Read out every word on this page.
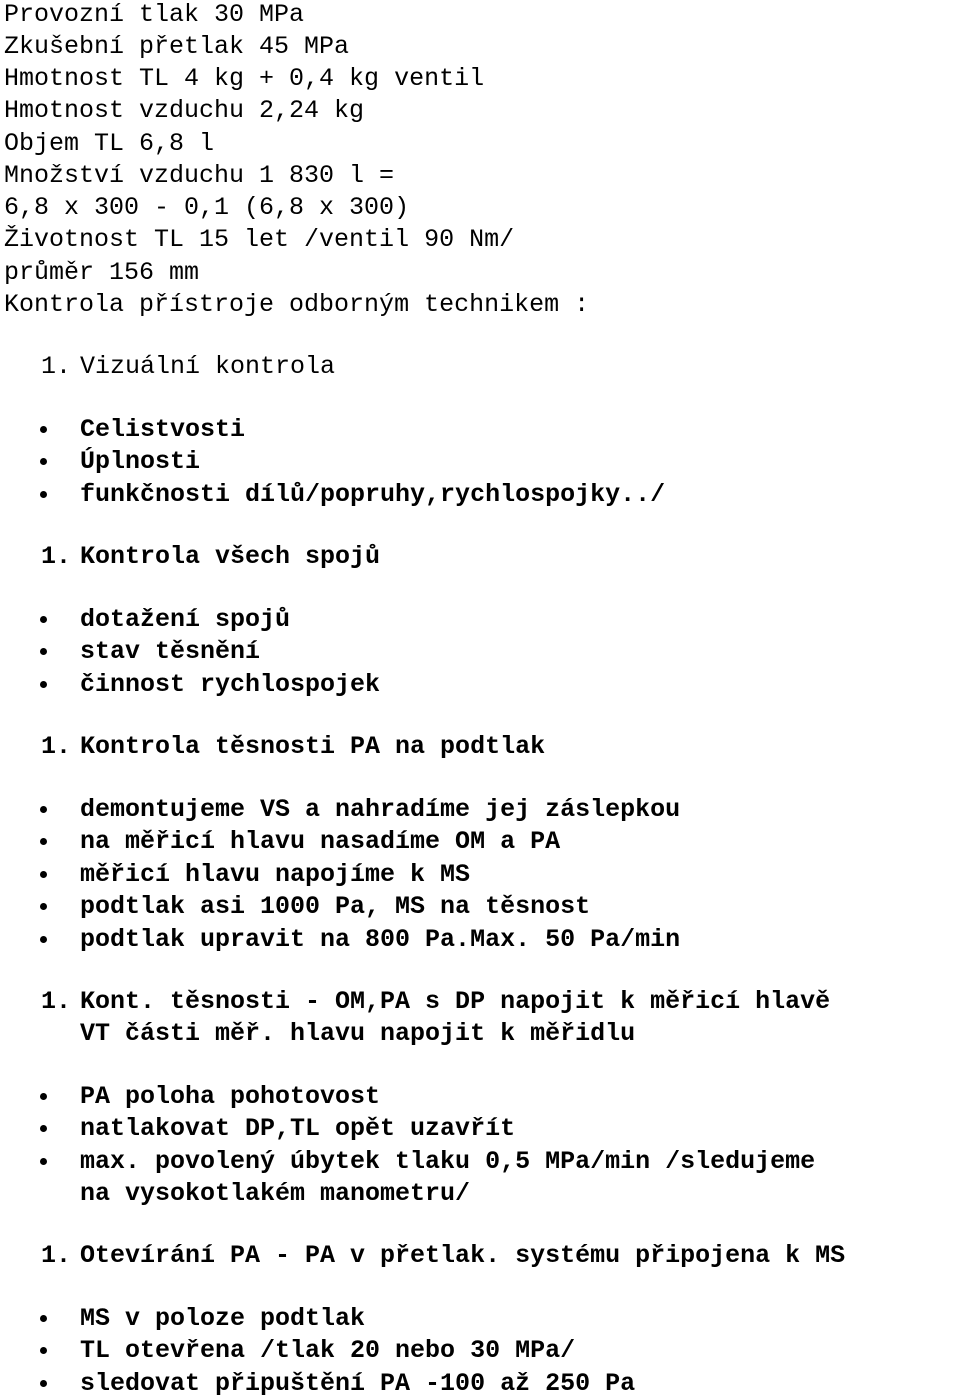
Provozní tlak 30 MPa
Zkušební přetlak 45 MPa
Hmotnost TL 4 kg + 0,4 kg ventil
Hmotnost vzduchu 2,24 kg
Objem TL 6,8 l
Množství vzduchu 1 830 l =
6,8 x 300 - 0,1 (6,8 x 300)
Životnost TL 15 let /ventil 90 Nm/
průměr 156 mm
Kontrola přístroje odborným technikem :
1. Vizuální kontrola
Celistvosti
Úplnosti
funkčnosti dílů/popruhy,rychlospojky../
1. Kontrola všech spojů
dotažení spojů
stav těsnění
činnost rychlospojek
1. Kontrola těsnosti PA na podtlak
demontujeme VS a nahradíme jej záslepkou
na měřicí hlavu nasadíme OM a PA
měřicí hlavu napojíme k MS
podtlak asi 1000 Pa, MS na těsnost
podtlak upravit na 800 Pa.Max. 50 Pa/min
1. Kont. těsnosti - OM,PA s DP napojit k měřicí hlavě
VT části měř. hlavu napojit k měřidlu
PA poloha pohotovost
natlakovat DP,TL opět uzavřít
max. povolený úbytek tlaku 0,5 MPa/min /sledujeme
na vysokotlakém manometru/
1. Otevírání PA - PA v přetlak. systému připojena k MS
MS v poloze podtlak
TL otevřena /tlak 20 nebo 30 MPa/
sledovat připuštění PA -100 až 250 Pa
